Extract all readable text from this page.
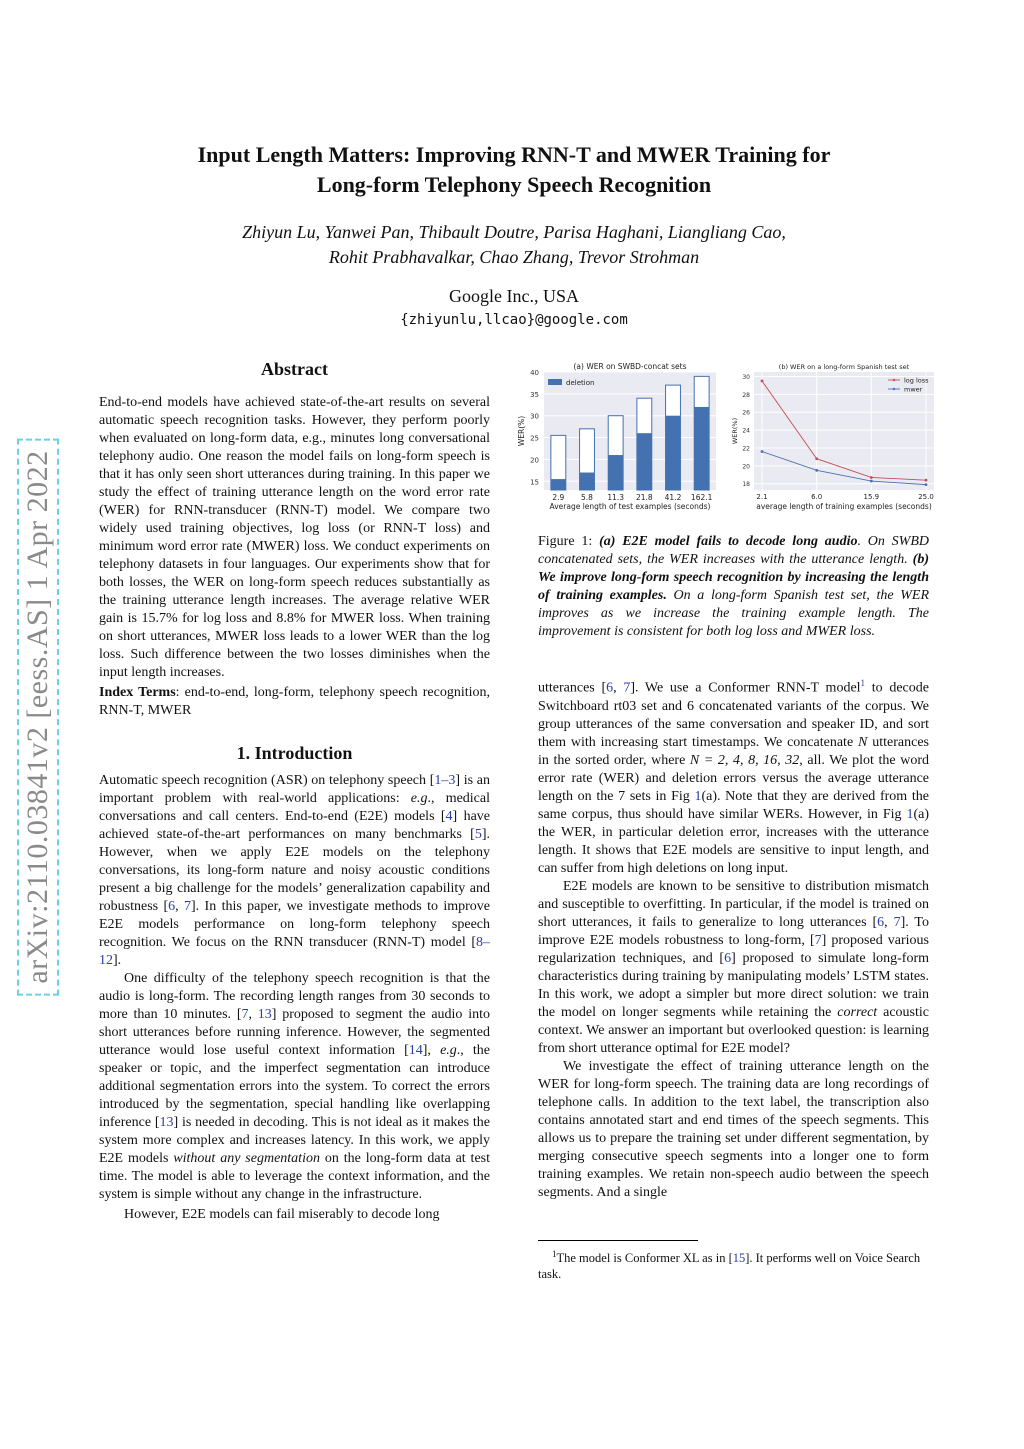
Input Length Matters: Improving RNN-T and MWER Training for
Long-form Telephony Speech Recognition
Zhiyun Lu, Yanwei Pan, Thibault Doutre, Parisa Haghani, Liangliang Cao,
Rohit Prabhavalkar, Chao Zhang, Trevor Strohman
Google Inc., USA
{zhiyunlu,llcao}@google.com
arXiv:2110.03841v2 [eess.AS] 1 Apr 2022
Abstract

End-to-end models have achieved state-of-the-art results on several automatic speech recognition tasks. However, they perform poorly when evaluated on long-form data, e.g., minutes long conversational telephony audio. One reason the model fails on long-form speech is that it has only seen short utterances during training. In this paper we study the effect of training utterance length on the word error rate (WER) for RNN-transducer (RNN-T) model. We compare two widely used training objectives, log loss (or RNN-T loss) and minimum word error rate (MWER) loss. We conduct experiments on telephony datasets in four languages. Our experiments show that for both losses, the WER on long-form speech reduces substantially as the training utterance length increases. The average relative WER gain is 15.7% for log loss and 8.8% for MWER loss. When training on short utterances, MWER loss leads to a lower WER than the log loss. Such difference between the two losses diminishes when the input length increases.

Index Terms: end-to-end, long-form, telephony speech recognition, RNN-T, MWER

1. Introduction

Automatic speech recognition (ASR) on telephony speech [1–3] is an important problem with real-world applications: e.g., medical conversations and call centers. End-to-end (E2E) models [4] have achieved state-of-the-art performances on many benchmarks [5]. However, when we apply E2E models on the telephony conversations, its long-form nature and noisy acoustic conditions present a big challenge for the models’ generalization capability and robustness [6, 7]. In this paper, we investigate methods to improve E2E models performance on long-form telephony speech recognition. We focus on the RNN transducer (RNN-T) model [8–12].

One difficulty of the telephony speech recognition is that the audio is long-form. The recording length ranges from 30 seconds to more than 10 minutes. [7, 13] proposed to segment the audio into short utterances before running inference. However, the segmented utterance would lose useful context information [14], e.g., the speaker or topic, and the imperfect segmentation can introduce additional segmentation errors into the system. To correct the errors introduced by the segmentation, special handling like overlapping inference [13] is needed in decoding. This is not ideal as it makes the system more complex and increases latency. In this work, we apply E2E models without any segmentation on the long-form data at test time. The model is able to leverage the context information, and the system is simple without any change in the infrastructure.

However, E2E models can fail miserably to decode long

15
20
25
30
35
40
(a) WER on SWBD-concat sets
2.9 5.8 11.3 21.8 41.2 162.1
deletion
Average length of test examples (seconds)
WER(%)
18
20
22
24
26
28
30
2.1	6.0	15.9	25.0
(b) WER on a long-form Spanish test set
log loss
mwer
average length of training examples (seconds)
WER(%)
Figure 1: (a) E2E model fails to decode long audio. On SWBD concatenated sets, the WER increases with the utterance length. (b) We improve long-form speech recognition by increasing the length of training examples. On a long-form Spanish test set, the WER improves as we increase the training example length. The improvement is consistent for both log loss and MWER loss.

utterances [6, 7]. We use a Conformer RNN-T model$^1$ to decode Switchboard rt03 set and 6 concatenated variants of the corpus. We group utterances of the same conversation and speaker ID, and sort them with increasing start timestamps. We concatenate N utterances in the sorted order, where N = 2, 4, 8, 16, 32, all. We plot the word error rate (WER) and deletion errors versus the average utterance length on the 7 sets in Fig 1(a). Note that they are derived from the same corpus, thus should have similar WERs. However, in Fig 1(a) the WER, in particular deletion error, increases with the utterance length. It shows that E2E models are sensitive to input length, and can suffer from high deletions on long input.

E2E models are known to be sensitive to distribution mismatch and susceptible to overfitting. In particular, if the model is trained on short utterances, it fails to generalize to long utterances [6, 7]. To improve E2E models robustness to long-form, [7] proposed various regularization techniques, and [6] proposed to simulate long-form characteristics during training by manipulating models’ LSTM states. In this work, we adopt a simpler but more direct solution: we train the model on longer segments while retaining the correct acoustic context. We answer an important but overlooked question: is learning from short utterance optimal for E2E model?

We investigate the effect of training utterance length on the WER for long-form speech. The training data are long recordings of telephone calls. In addition to the text label, the transcription also contains annotated start and end times of the speech segments. This allows us to prepare the training set under different segmentation, by merging consecutive speech segments into a longer one to form training examples. We retain non-speech audio between the speech segments. And a single

$^1$The model is Conformer XL as in [15]. It performs well on Voice Search task.
